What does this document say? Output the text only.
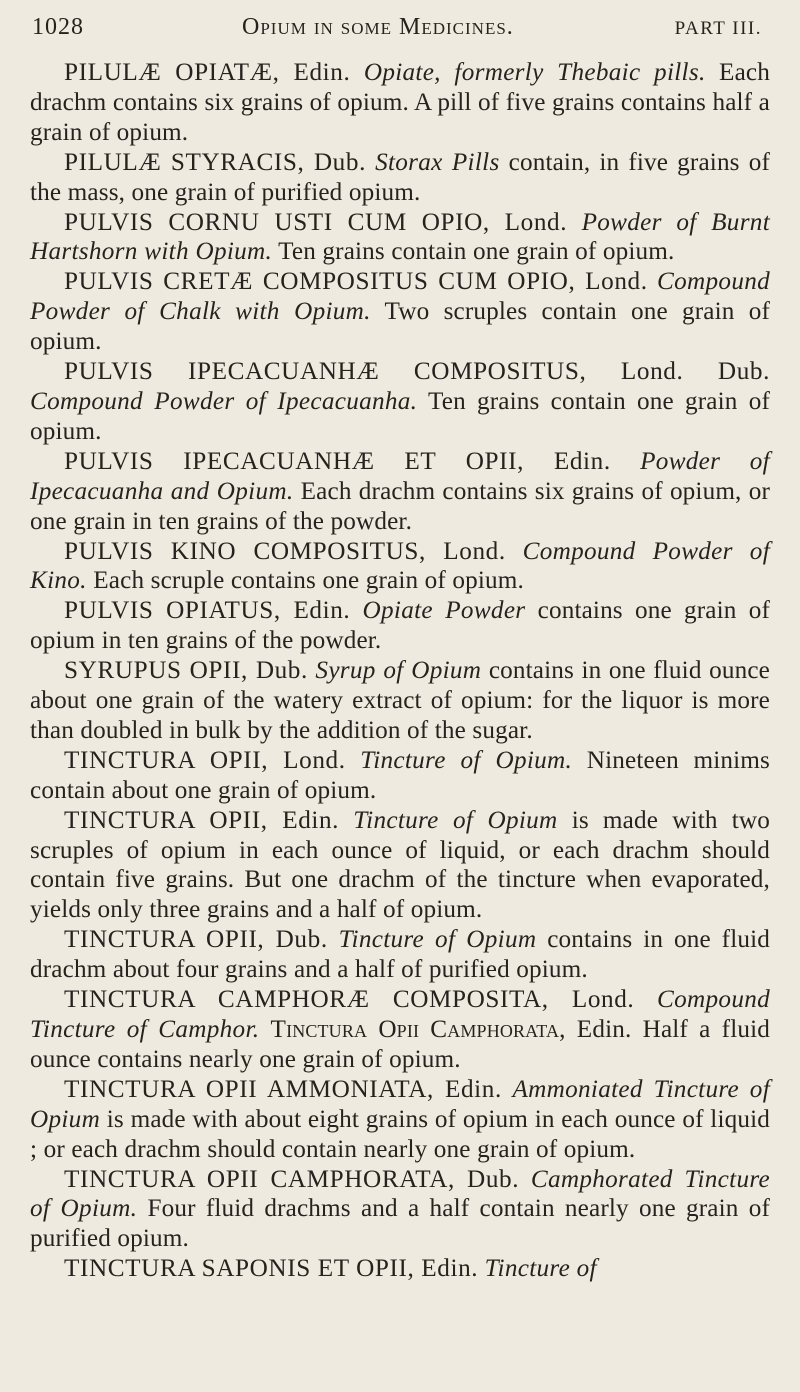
1028	Opium in some Medicines.	PART III.

PILULÆ OPIATÆ, Edin. Opiate, formerly Thebaic pills. Each drachm contains six grains of opium. A pill of five grains contains half a grain of opium.

PILULÆ STYRACIS, Dub. Storax Pills contain, in five grains of the mass, one grain of purified opium.

PULVIS CORNU USTI CUM OPIO, Lond. Powder of Burnt Hartshorn with Opium. Ten grains contain one grain of opium.

PULVIS CRETÆ COMPOSITUS CUM OPIO, Lond. Compound Powder of Chalk with Opium. Two scruples contain one grain of opium.

PULVIS IPECACUANHÆ COMPOSITUS, Lond. Dub. Compound Powder of Ipecacuanha. Ten grains contain one grain of opium.

PULVIS IPECACUANHÆ ET OPII, Edin. Powder of Ipecacuanha and Opium. Each drachm contains six grains of opium, or one grain in ten grains of the powder.

PULVIS KINO COMPOSITUS, Lond. Compound Powder of Kino. Each scruple contains one grain of opium.

PULVIS OPIATUS, Edin. Opiate Powder contains one grain of opium in ten grains of the powder.

SYRUPUS OPII, Dub. Syrup of Opium contains in one fluid ounce about one grain of the watery extract of opium: for the liquor is more than doubled in bulk by the addition of the sugar.

TINCTURA OPII, Lond. Tincture of Opium. Nineteen minims contain about one grain of opium.

TINCTURA OPII, Edin. Tincture of Opium is made with two scruples of opium in each ounce of liquid, or each drachm should contain five grains. But one drachm of the tincture when evaporated, yields only three grains and a half of opium.

TINCTURA OPII, Dub. Tincture of Opium contains in one fluid drachm about four grains and a half of purified opium.

TINCTURA CAMPHORÆ COMPOSITA, Lond. Compound Tincture of Camphor. Tinctura Opii Camphorata, Edin. Half a fluid ounce contains nearly one grain of opium.

TINCTURA OPII AMMONIATA, Edin. Ammoniated Tincture of Opium is made with about eight grains of opium in each ounce of liquid ; or each drachm should contain nearly one grain of opium.

TINCTURA OPII CAMPHORATA, Dub. Camphorated Tincture of Opium. Four fluid drachms and a half contain nearly one grain of purified opium.

TINCTURA SAPONIS ET OPII, Edin. Tincture of
